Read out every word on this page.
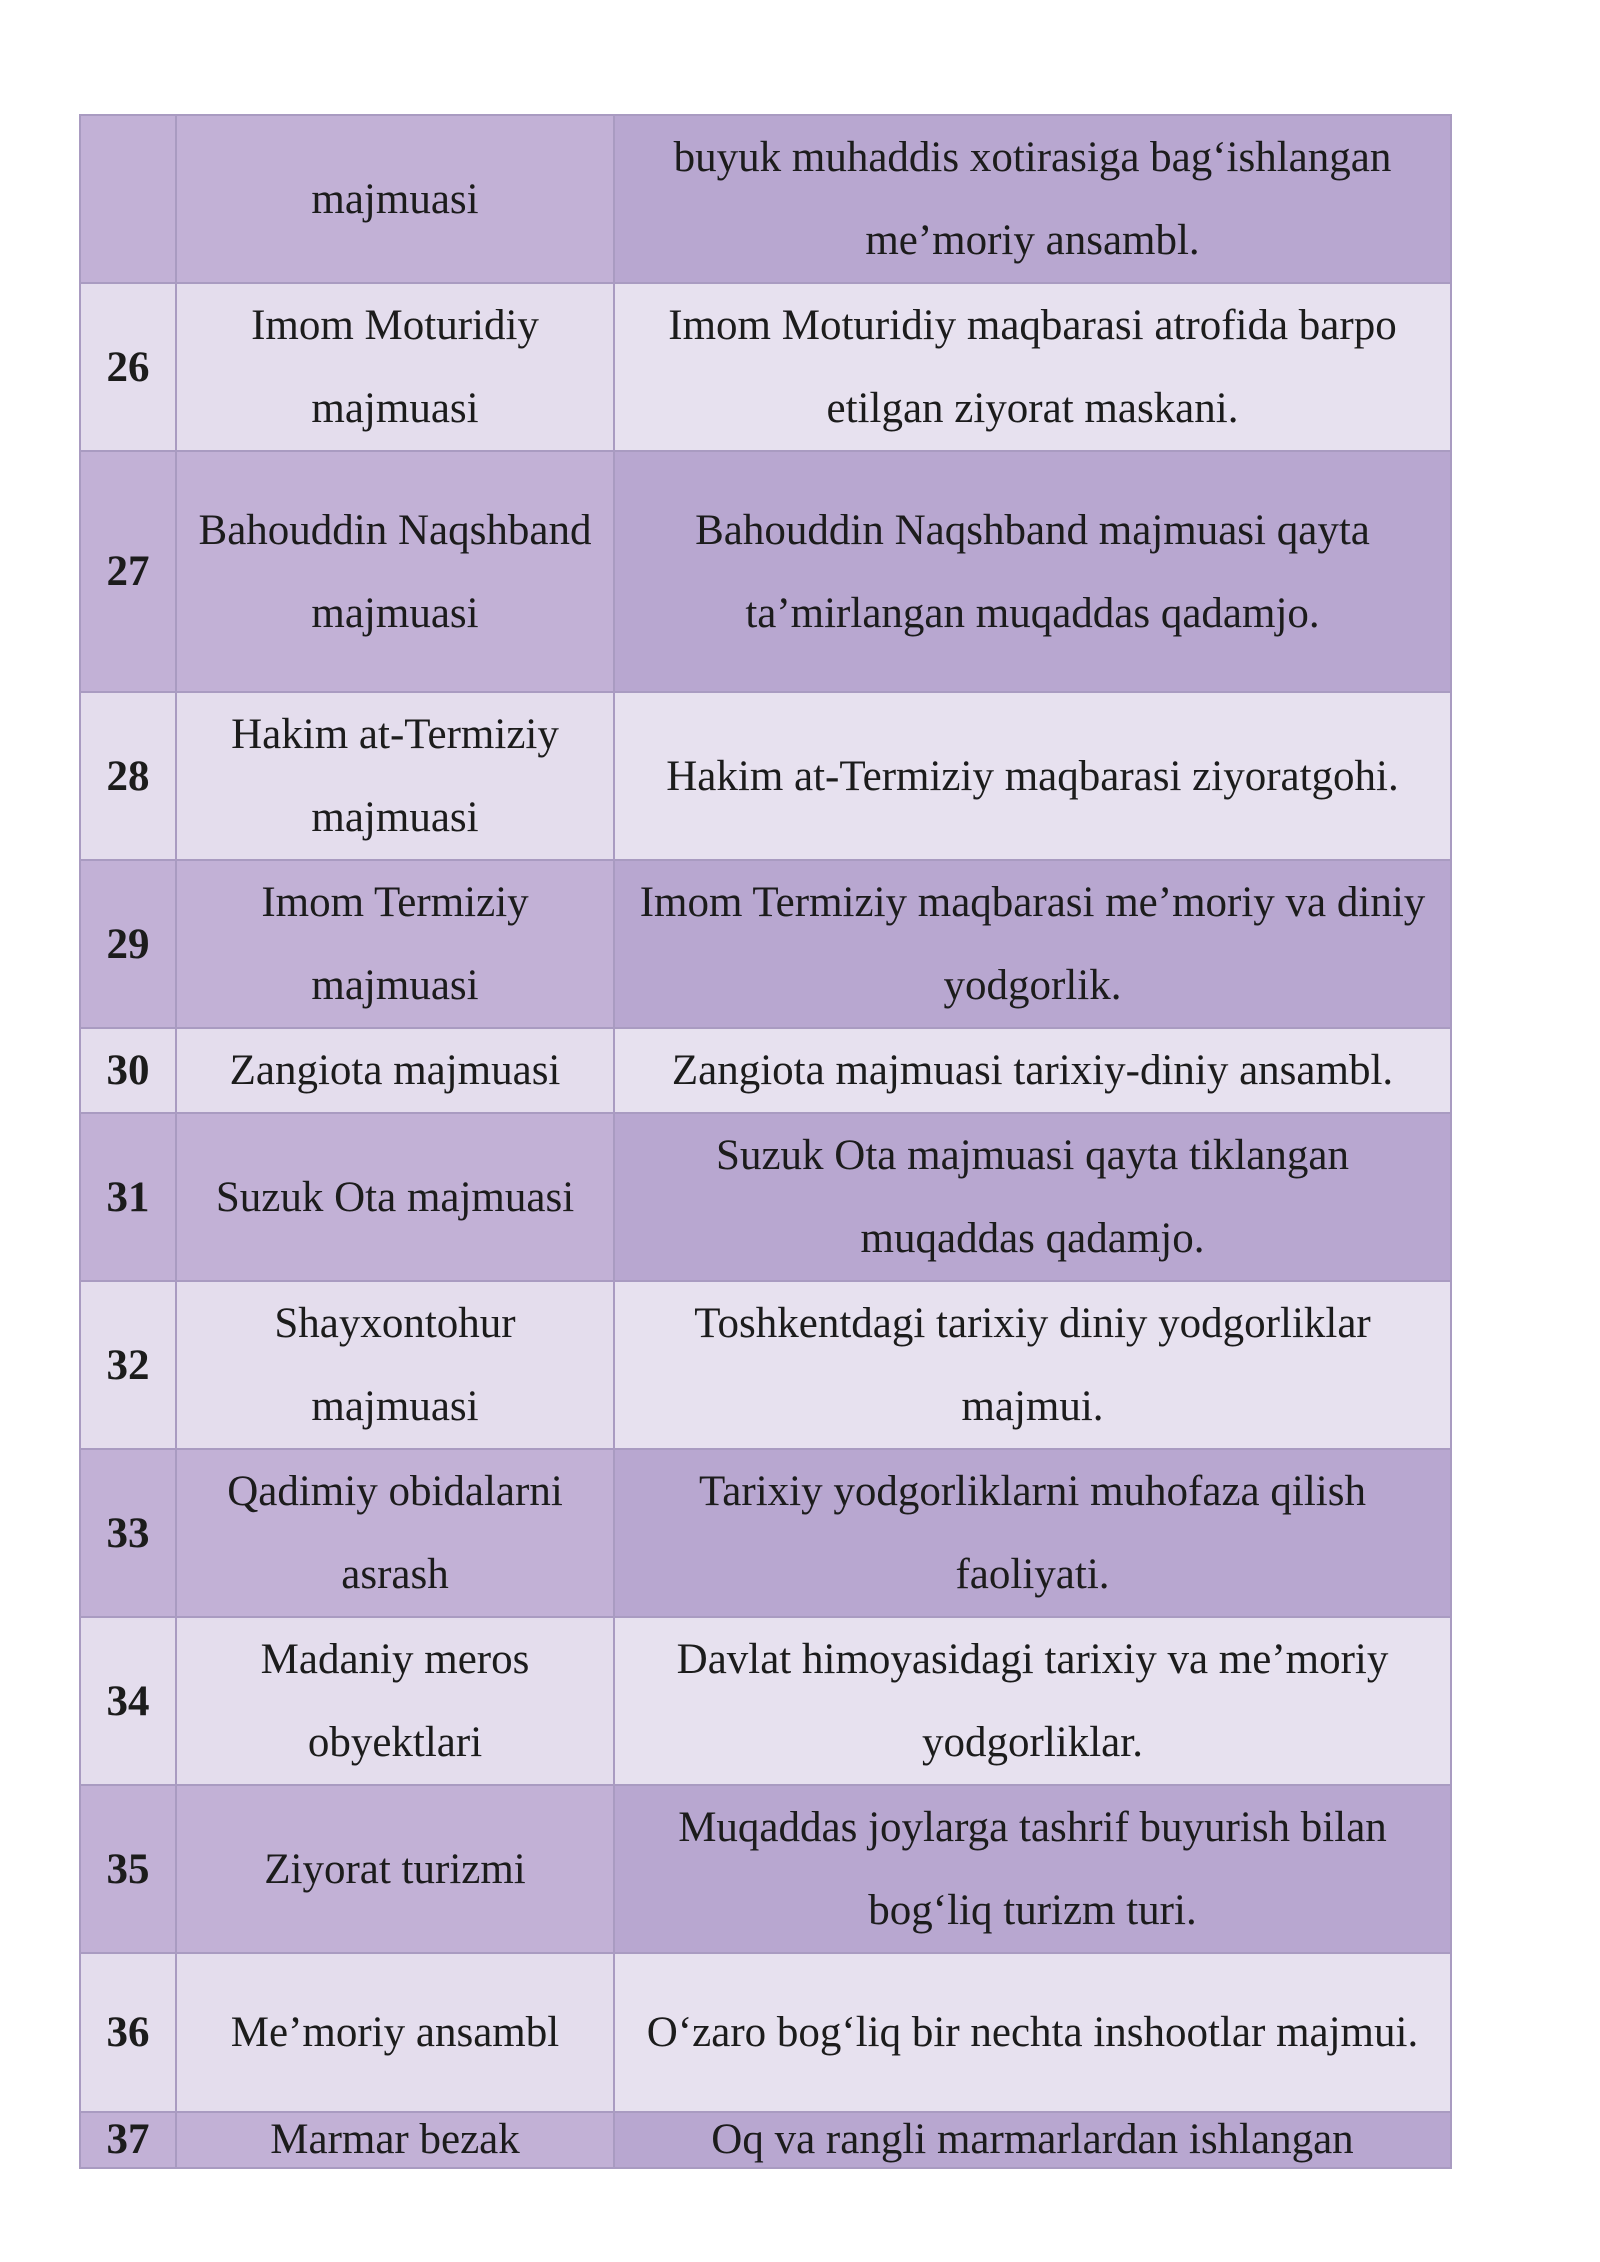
	majmuasi	buyuk muhaddis xotirasiga bag‘ishlangan me’moriy ansambl.
26	Imom Moturidiy majmuasi	Imom Moturidiy maqbarasi atrofida barpo etilgan ziyorat maskani.
27	Bahouddin Naqshband majmuasi	Bahouddin Naqshband majmuasi qayta ta’mirlangan muqaddas qadamjo.
28	Hakim at-Termiziy majmuasi	Hakim at-Termiziy maqbarasi ziyoratgohi.
29	Imom Termiziy majmuasi	Imom Termiziy maqbarasi me’moriy va diniy yodgorlik.
30	Zangiota majmuasi	Zangiota majmuasi tarixiy-diniy ansambl.
31	Suzuk Ota majmuasi	Suzuk Ota majmuasi qayta tiklangan muqaddas qadamjo.
32	Shayxontohur majmuasi	Toshkentdagi tarixiy diniy yodgorliklar majmui.
33	Qadimiy obidalarni asrash	Tarixiy yodgorliklarni muhofaza qilish faoliyati.
34	Madaniy meros obyektlari	Davlat himoyasidagi tarixiy va me’moriy yodgorliklar.
35	Ziyorat turizmi	Muqaddas joylarga tashrif buyurish bilan bog‘liq turizm turi.
36	Me’moriy ansambl	O‘zaro bog‘liq bir nechta inshootlar majmui.

37	Marmar bezak	Oq va rangli marmarlardan ishlangan
